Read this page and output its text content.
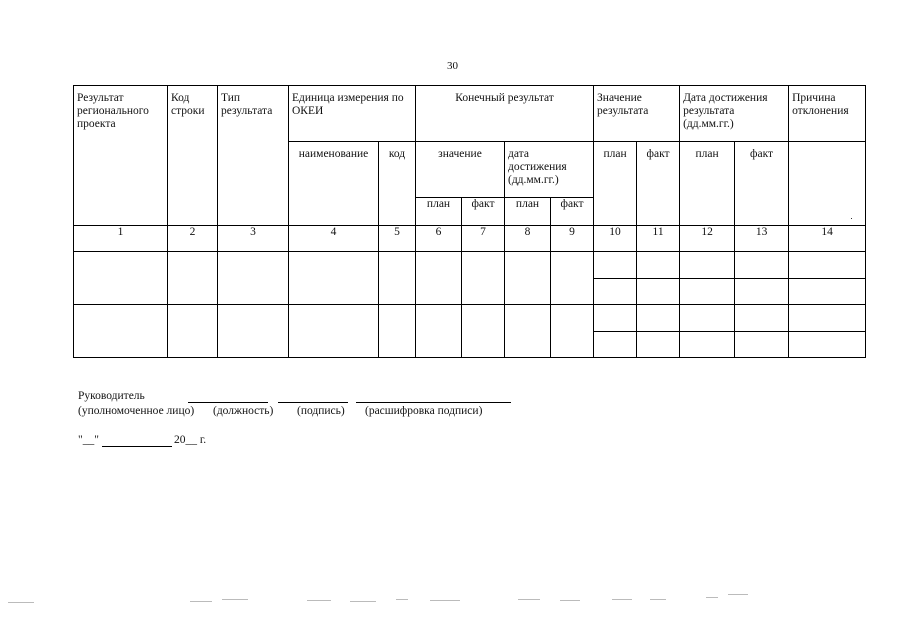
30
Результат регионального проекта	Код строки	Тип результата	Единица измерения по ОКЕИ		Конечный результат				Значение результата		Дата достижения результата (дд.мм.гг.)		Причина отклонения

			наименование	код	значение		дата достижения (дд.мм.гг.)		план	факт	план	факт	

					план	факт	план	факт					
1	2	3	4	5	6	7	8	9	10	11	12	13	14

Руководитель
(уполномоченное лицо) (должность) (подпись) (расшифровка подписи)
"__"	20__ г.
